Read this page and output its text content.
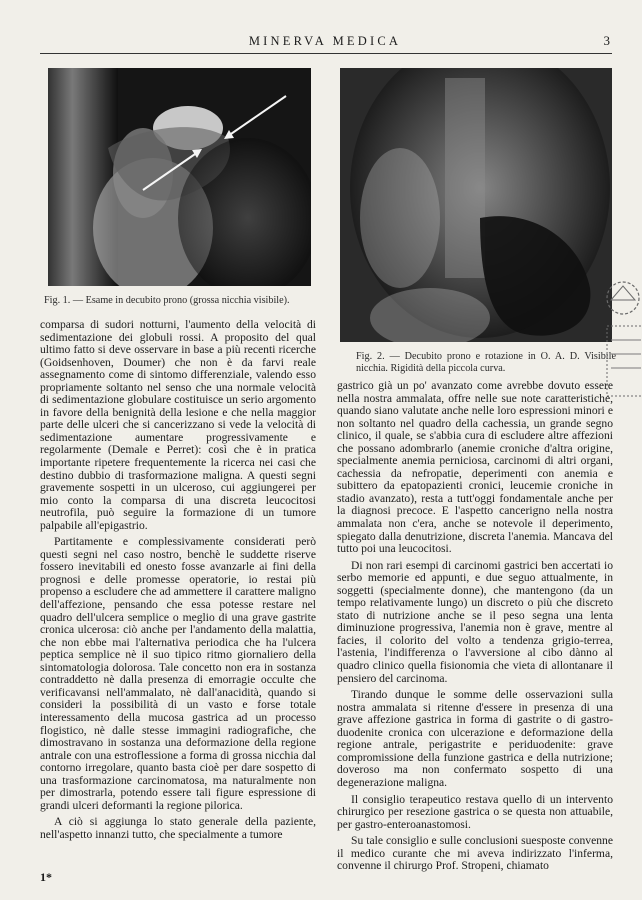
MINERVA MEDICA	3
Fig. 1. — Esame in decubito prono (grossa nicchia visibile).
Fig. 2. — Decubito prono e rotazione in O. A. D. Visibile nicchia. Rigidità della piccola curva.

comparsa di sudori notturni, l'aumento della velocità di sedimentazione dei globuli rossi. A proposito del qual ultimo fatto si deve osservare in base a più recenti ricerche (Goidsenhoven, Doumer) che non è da farvi reale assegnamento come di sintomo differenziale, valendo esso propriamente soltanto nel senso che una normale velocità di sedimentazione globulare costituisce un serio argomento in favore della benignità della lesione e che nella maggior parte delle ulceri che si cancerizzano si vede la velocità di sedimentazione aumentare progressivamente e regolarmente (Demale e Perret): così che è in pratica importante ripetere frequentemente la ricerca nei casi che destino dubbio di trasformazione maligna. A questi segni gravemente sospetti in un ulceroso, cui aggiungerei per mio conto la comparsa di una discreta leucocitosi neutrofila, può seguire la formazione di un tumore palpabile all'epigastrio.

Partitamente e complessivamente considerati però questi segni nel caso nostro, benchè le suddette riserve fossero inevitabili ed onesto fosse avanzarle ai fini della prognosi e delle promesse operatorie, io restai più propenso a escludere che ad ammettere il carattere maligno dell'affezione, pensando che essa potesse restare nel quadro dell'ulcera semplice o meglio di una grave gastrite cronica ulcerosa: ciò anche per l'andamento della malattia, che non ebbe mai l'alternativa periodica che ha l'ulcera peptica semplice nè il suo tipico ritmo giornaliero della sintomatologia dolorosa. Tale concetto non era in sostanza contraddetto nè dalla presenza di emorragie occulte che verificavansi nell'ammalato, nè dall'anacidità, quando si consideri la possibilità di un vasto e forse totale interessamento della mucosa gastrica ad un processo flogistico, nè dalle stesse immagini radiografiche, che dimostravano in sostanza una deformazione della regione antrale con una estroflessione a forma di grossa nicchia dal contorno irregolare, quanto basta cioè per dare sospetto di una trasformazione carcinomatosa, ma naturalmente non per dimostrarla, potendo essere tali figure espressione di grandi ulceri deformanti la regione pilorica.

A ciò si aggiunga lo stato generale della paziente, nell'aspetto innanzi tutto, che specialmente a tumore

gastrico già un po' avanzato come avrebbe dovuto essere nella nostra ammalata, offre nelle sue note caratteristiche, quando siano valutate anche nelle loro espressioni minori e non soltanto nel quadro della cachessia, un grande segno clinico, il quale, se s'abbia cura di escludere altre affezioni che possano adombrarlo (anemie croniche d'altra origine, specialmente anemia perniciosa, carcinomi di altri organi, cachessia da nefropatie, deperimenti con anemia e subittero da epatopazienti cronici, leucemie croniche in stadio avanzato), resta a tutt'oggi fondamentale anche per la diagnosi precoce. E l'aspetto cancerigno nella nostra ammalata non c'era, anche se notevole il deperimento, spiegato dalla denutrizione, discreta l'anemia. Mancava del tutto poi una leucocitosi.

Di non rari esempi di carcinomi gastrici ben accertati io serbo memorie ed appunti, e due seguo attualmente, in soggetti (specialmente donne), che mantengono (da un tempo relativamente lungo) un discreto o più che discreto stato di nutrizione anche se il peso segna una lenta diminuzione progressiva, l'anemia non è grave, mentre al facies, il colorito del volto a tendenza grigio-terrea, l'astenia, l'indifferenza o l'avversione al cibo dànno al quadro clinico quella fisionomia che vieta di allontanare il pensiero del carcinoma.

Tirando dunque le somme delle osservazioni sulla nostra ammalata si ritenne d'essere in presenza di una grave affezione gastrica in forma di gastrite o di gastro-duodenite cronica con ulcerazione e deformazione della regione antrale, perigastrite e periduodenite: grave compromissione della funzione gastrica e della nutrizione; doveroso ma non confermato sospetto di una degenerazione maligna.

Il consiglio terapeutico restava quello di un intervento chirurgico per resezione gastrica o se questa non attuabile, per gastro-enteroanastomosi.

Su tale consiglio e sulle conclusioni suesposte convenne il medico curante che mi aveva indirizzato l'inferma, convenne il chirurgo Prof. Stropeni, chiamato

1*
